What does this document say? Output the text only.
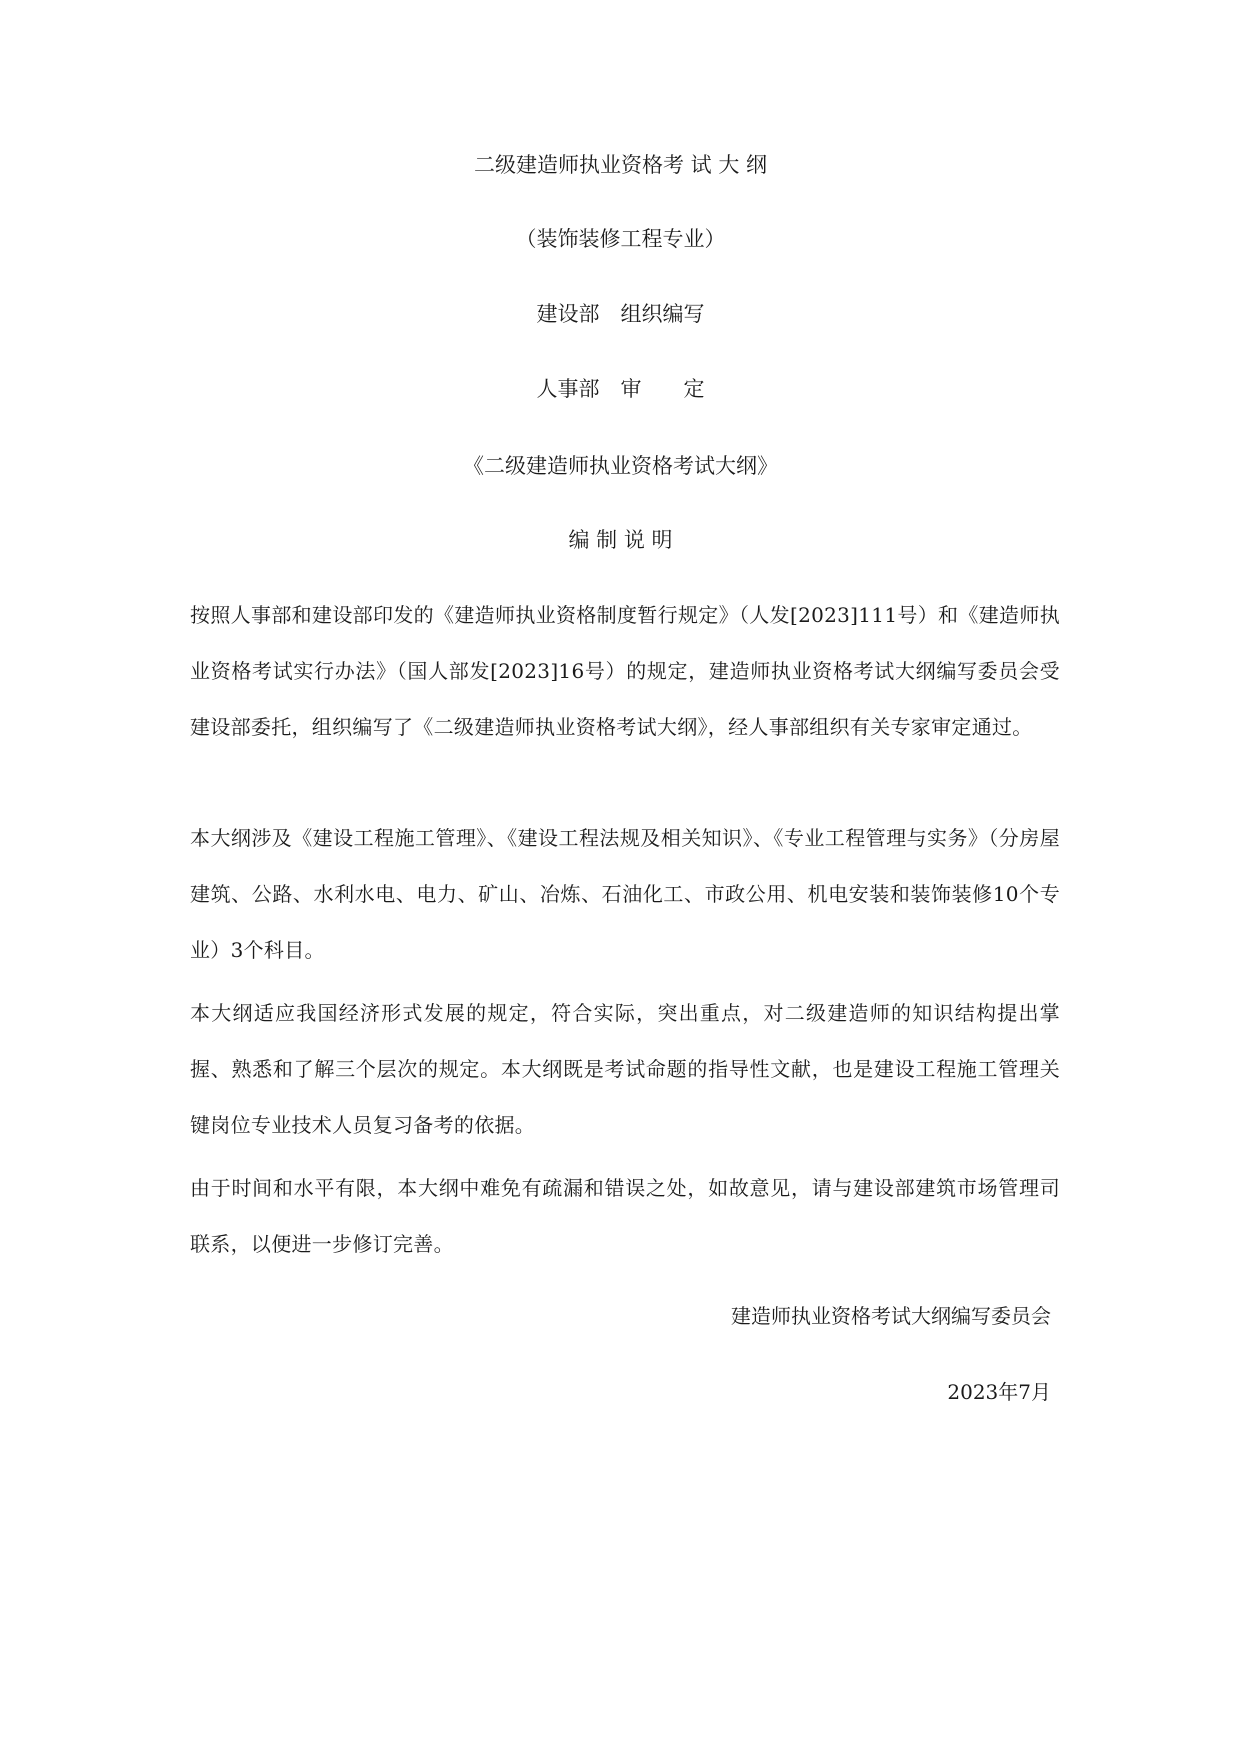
二级建造师执业资格考 试 大 纲
（装饰装修工程专业）
建设部　组织编写
人事部　审　　定
《二级建造师执业资格考试大纲》
编 制 说 明
按照人事部和建设部印发的《建造师执业资格制度暂行规定》（人发[2023]111号）和《建造师执业资格考试实行办法》（国人部发[2023]16号）的规定，建造师执业资格考试大纲编写委员会受建设部委托，组织编写了《二级建造师执业资格考试大纲》，经人事部组织有关专家审定通过。
本大纲涉及《建设工程施工管理》、《建设工程法规及相关知识》、《专业工程管理与实务》（分房屋建筑、公路、水利水电、电力、矿山、冶炼、石油化工、市政公用、机电安装和装饰装修10个专业）3个科目。
本大纲适应我国经济形式发展的规定，符合实际，突出重点，对二级建造师的知识结构提出掌握、熟悉和了解三个层次的规定。本大纲既是考试命题的指导性文献，也是建设工程施工管理关键岗位专业技术人员复习备考的依据。
由于时间和水平有限，本大纲中难免有疏漏和错误之处，如故意见，请与建设部建筑市场管理司联系，以便进一步修订完善。
建造师执业资格考试大纲编写委员会
2023年7月
